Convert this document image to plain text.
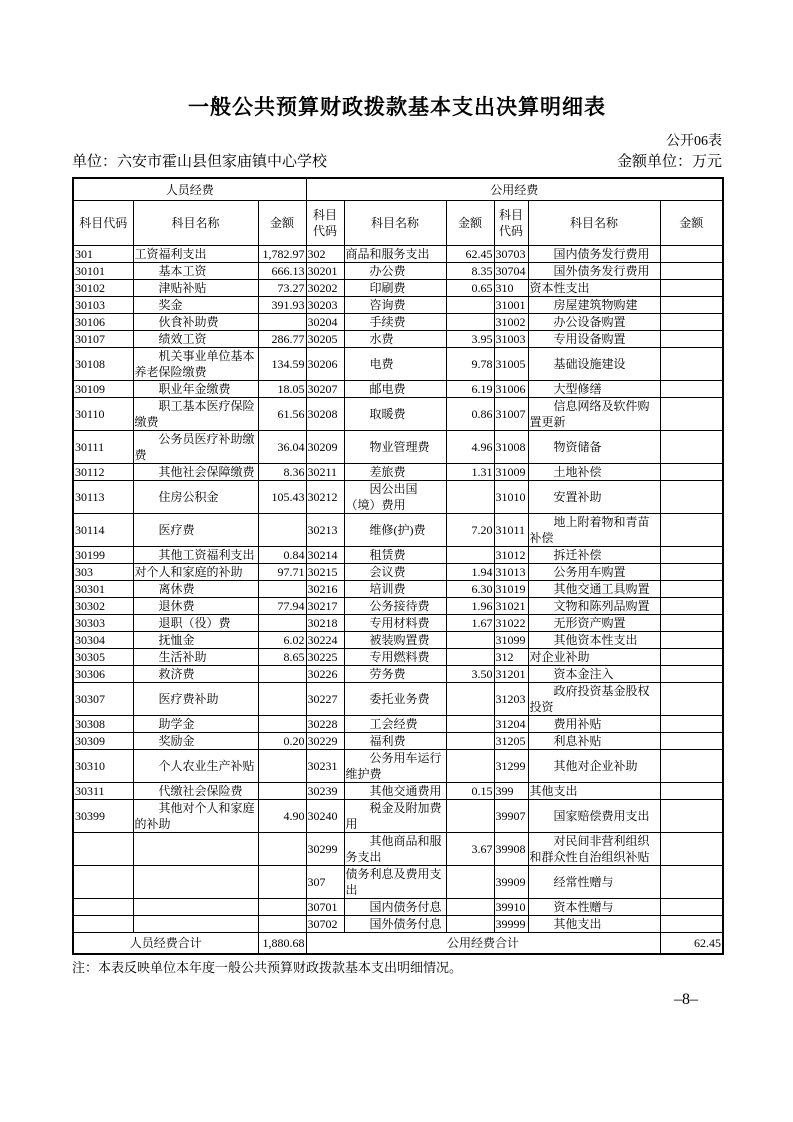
一般公共预算财政拨款基本支出决算明细表
公开06表
单位：六安市霍山县但家庙镇中心学校	金额单位：万元
人员经费			公用经费					
科目代码	科目名称	金额	科目代码	科目名称	金额	科目代码	科目名称	金额
301	工资福利支出	1,782.97	302	商品和服务支出	62.45	30703	国内债务发行费用	
30101	基本工资	666.13	30201	办公费	8.35	30704	国外债务发行费用	
30102	津贴补贴	73.27	30202	印刷费	0.65	310	资本性支出	
30103	奖金	391.93	30203	咨询费		31001	房屋建筑物购建	
30106	伙食补助费		30204	手续费		31002	办公设备购置	
30107	绩效工资	286.77	30205	水费	3.95	31003	专用设备购置	
30108	机关事业单位基本养老保险缴费	134.59	30206	电费	9.78	31005	基础设施建设	
30109	职业年金缴费	18.05	30207	邮电费	6.19	31006	大型修缮	
30110	职工基本医疗保险缴费	61.56	30208	取暖费	0.86	31007	信息网络及软件购置更新	
30111	公务员医疗补助缴费	36.04	30209	物业管理费	4.96	31008	物资储备	
30112	其他社会保障缴费	8.36	30211	差旅费	1.31	31009	土地补偿	
30113	住房公积金	105.43	30212	因公出国（境）费用		31010	安置补助	
30114	医疗费		30213	维修(护)费	7.20	31011	地上附着物和青苗补偿	
30199	其他工资福利支出	0.84	30214	租赁费		31012	拆迁补偿	
303	对个人和家庭的补助	97.71	30215	会议费	1.94	31013	公务用车购置	
30301	离休费		30216	培训费	6.30	31019	其他交通工具购置	
30302	退休费	77.94	30217	公务接待费	1.96	31021	文物和陈列品购置	
30303	退职（役）费		30218	专用材料费	1.67	31022	无形资产购置	
30304	抚恤金	6.02	30224	被装购置费		31099	其他资本性支出	
30305	生活补助	8.65	30225	专用燃料费		312	对企业补助	
30306	救济费		30226	劳务费	3.50	31201	资本金注入	
30307	医疗费补助		30227	委托业务费		31203	政府投资基金股权投资	
30308	助学金		30228	工会经费		31204	费用补贴	
30309	奖励金	0.20	30229	福利费		31205	利息补贴	
30310	个人农业生产补贴		30231	公务用车运行维护费		31299	其他对企业补助	
30311	代缴社会保险费		30239	其他交通费用	0.15	399	其他支出	
30399	其他对个人和家庭的补助	4.90	30240	税金及附加费用		39907	国家赔偿费用支出	
			30299	其他商品和服务支出	3.67	39908	对民间非营利组织和群众性自治组织补贴	
			307	债务利息及费用支出		39909	经常性赠与	
			30701	国内债务付息		39910	资本性赠与	
			30702	国外债务付息		39999	其他支出	
人员经费合计		1,880.68	公用经费合计					62.45
注：本表反映单位本年度一般公共预算财政拨款基本支出明细情况。
–8–
